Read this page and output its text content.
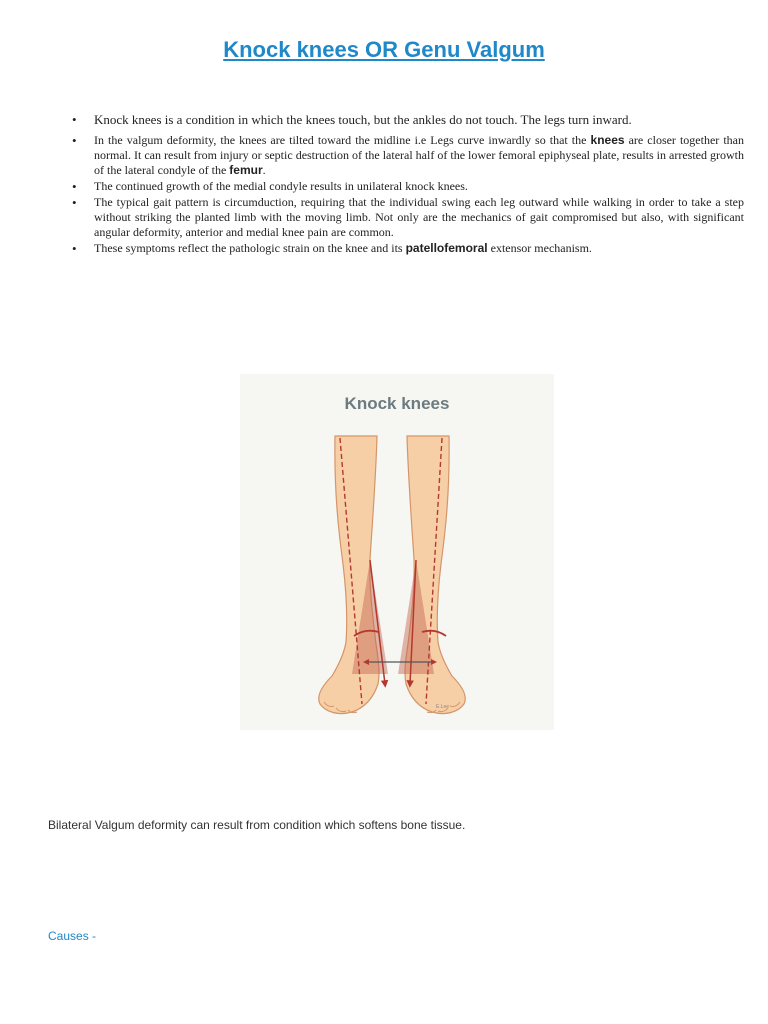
Knock knees OR Genu Valgum
• Knock knees is a condition in which the knees touch, but the ankles do not touch. The legs turn inward.
• In the valgum deformity, the knees are tilted toward the midline i.e Legs curve inwardly so that the knees are closer together than normal. It can result from injury or septic destruction of the lateral half of the lower femoral epiphyseal plate, results in arrested growth of the lateral condyle of the femur.
• The continued growth of the medial condyle results in unilateral knock knees.
• The typical gait pattern is circumduction, requiring that the individual swing each leg outward while walking in order to take a step without striking the planted limb with the moving limb. Not only are the mechanics of gait compromised but also, with significant angular deformity, anterior and medial knee pain are common.
• These symptoms reflect the pathologic strain on the knee and its patellofemoral extensor mechanism.
Knock knees
E.Lee

Bilateral Valgum deformity can result from condition which softens bone tissue.

Causes -
